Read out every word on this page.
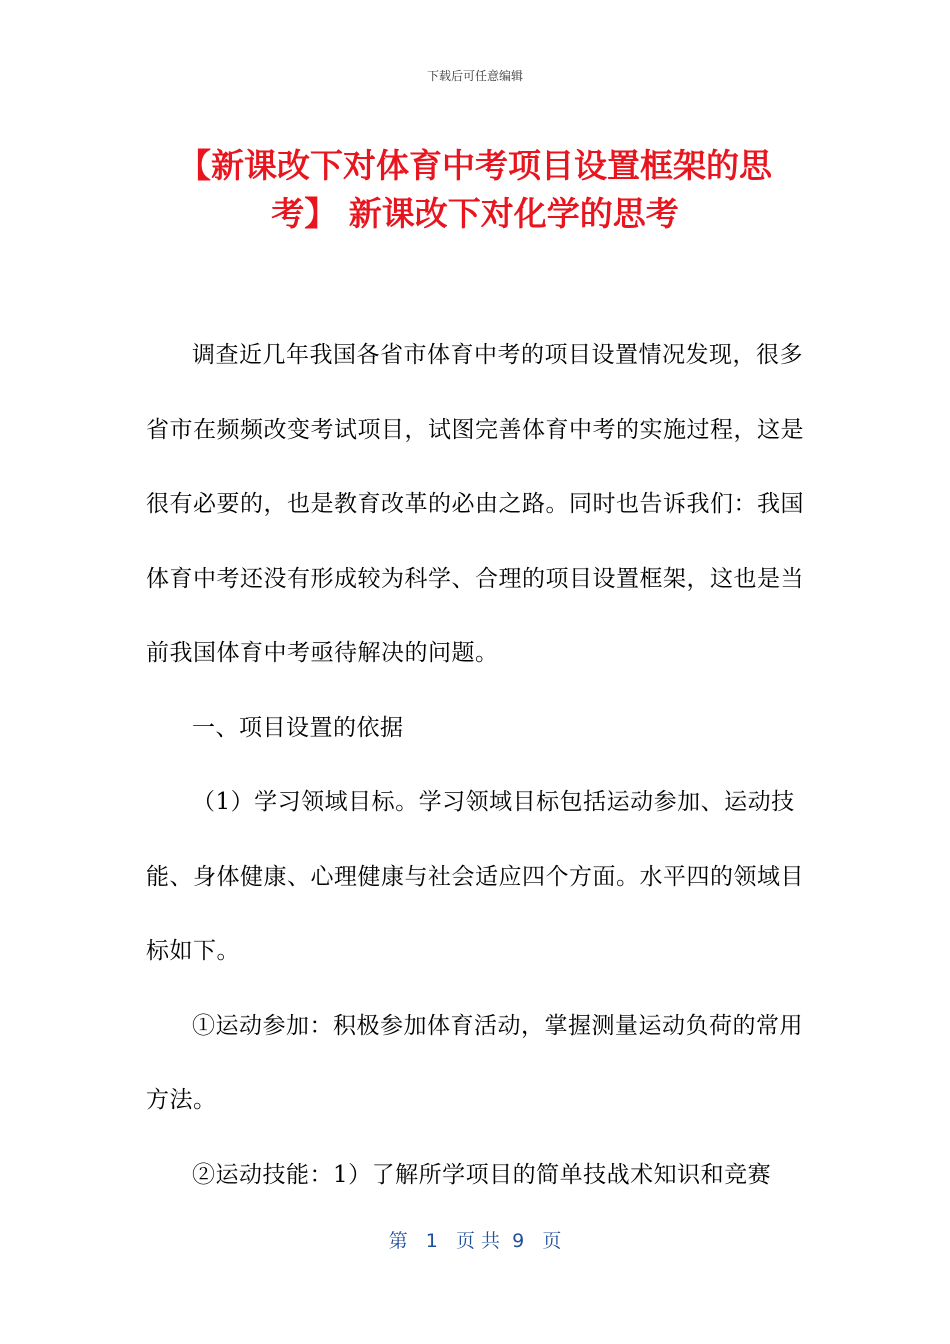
下载后可任意编辑
【新课改下对体育中考项目设置框架的思
考】 新课改下对化学的思考

调查近几年我国各省市体育中考的项目设置情况发现，很多省市在频频改变考试项目，试图完善体育中考的实施过程，这是很有必要的，也是教育改革的必由之路。同时也告诉我们：我国体育中考还没有形成较为科学、合理的项目设置框架，这也是当前我国体育中考亟待解决的问题。

一、项目设置的依据

（1）学习领域目标。学习领域目标包括运动参加、运动技能、身体健康、心理健康与社会适应四个方面。水平四的领域目标如下。

①运动参加：积极参加体育活动，掌握测量运动负荷的常用方法。

②运动技能：1）了解所学项目的简单技战术知识和竞赛

第   1   页 共  9   页
